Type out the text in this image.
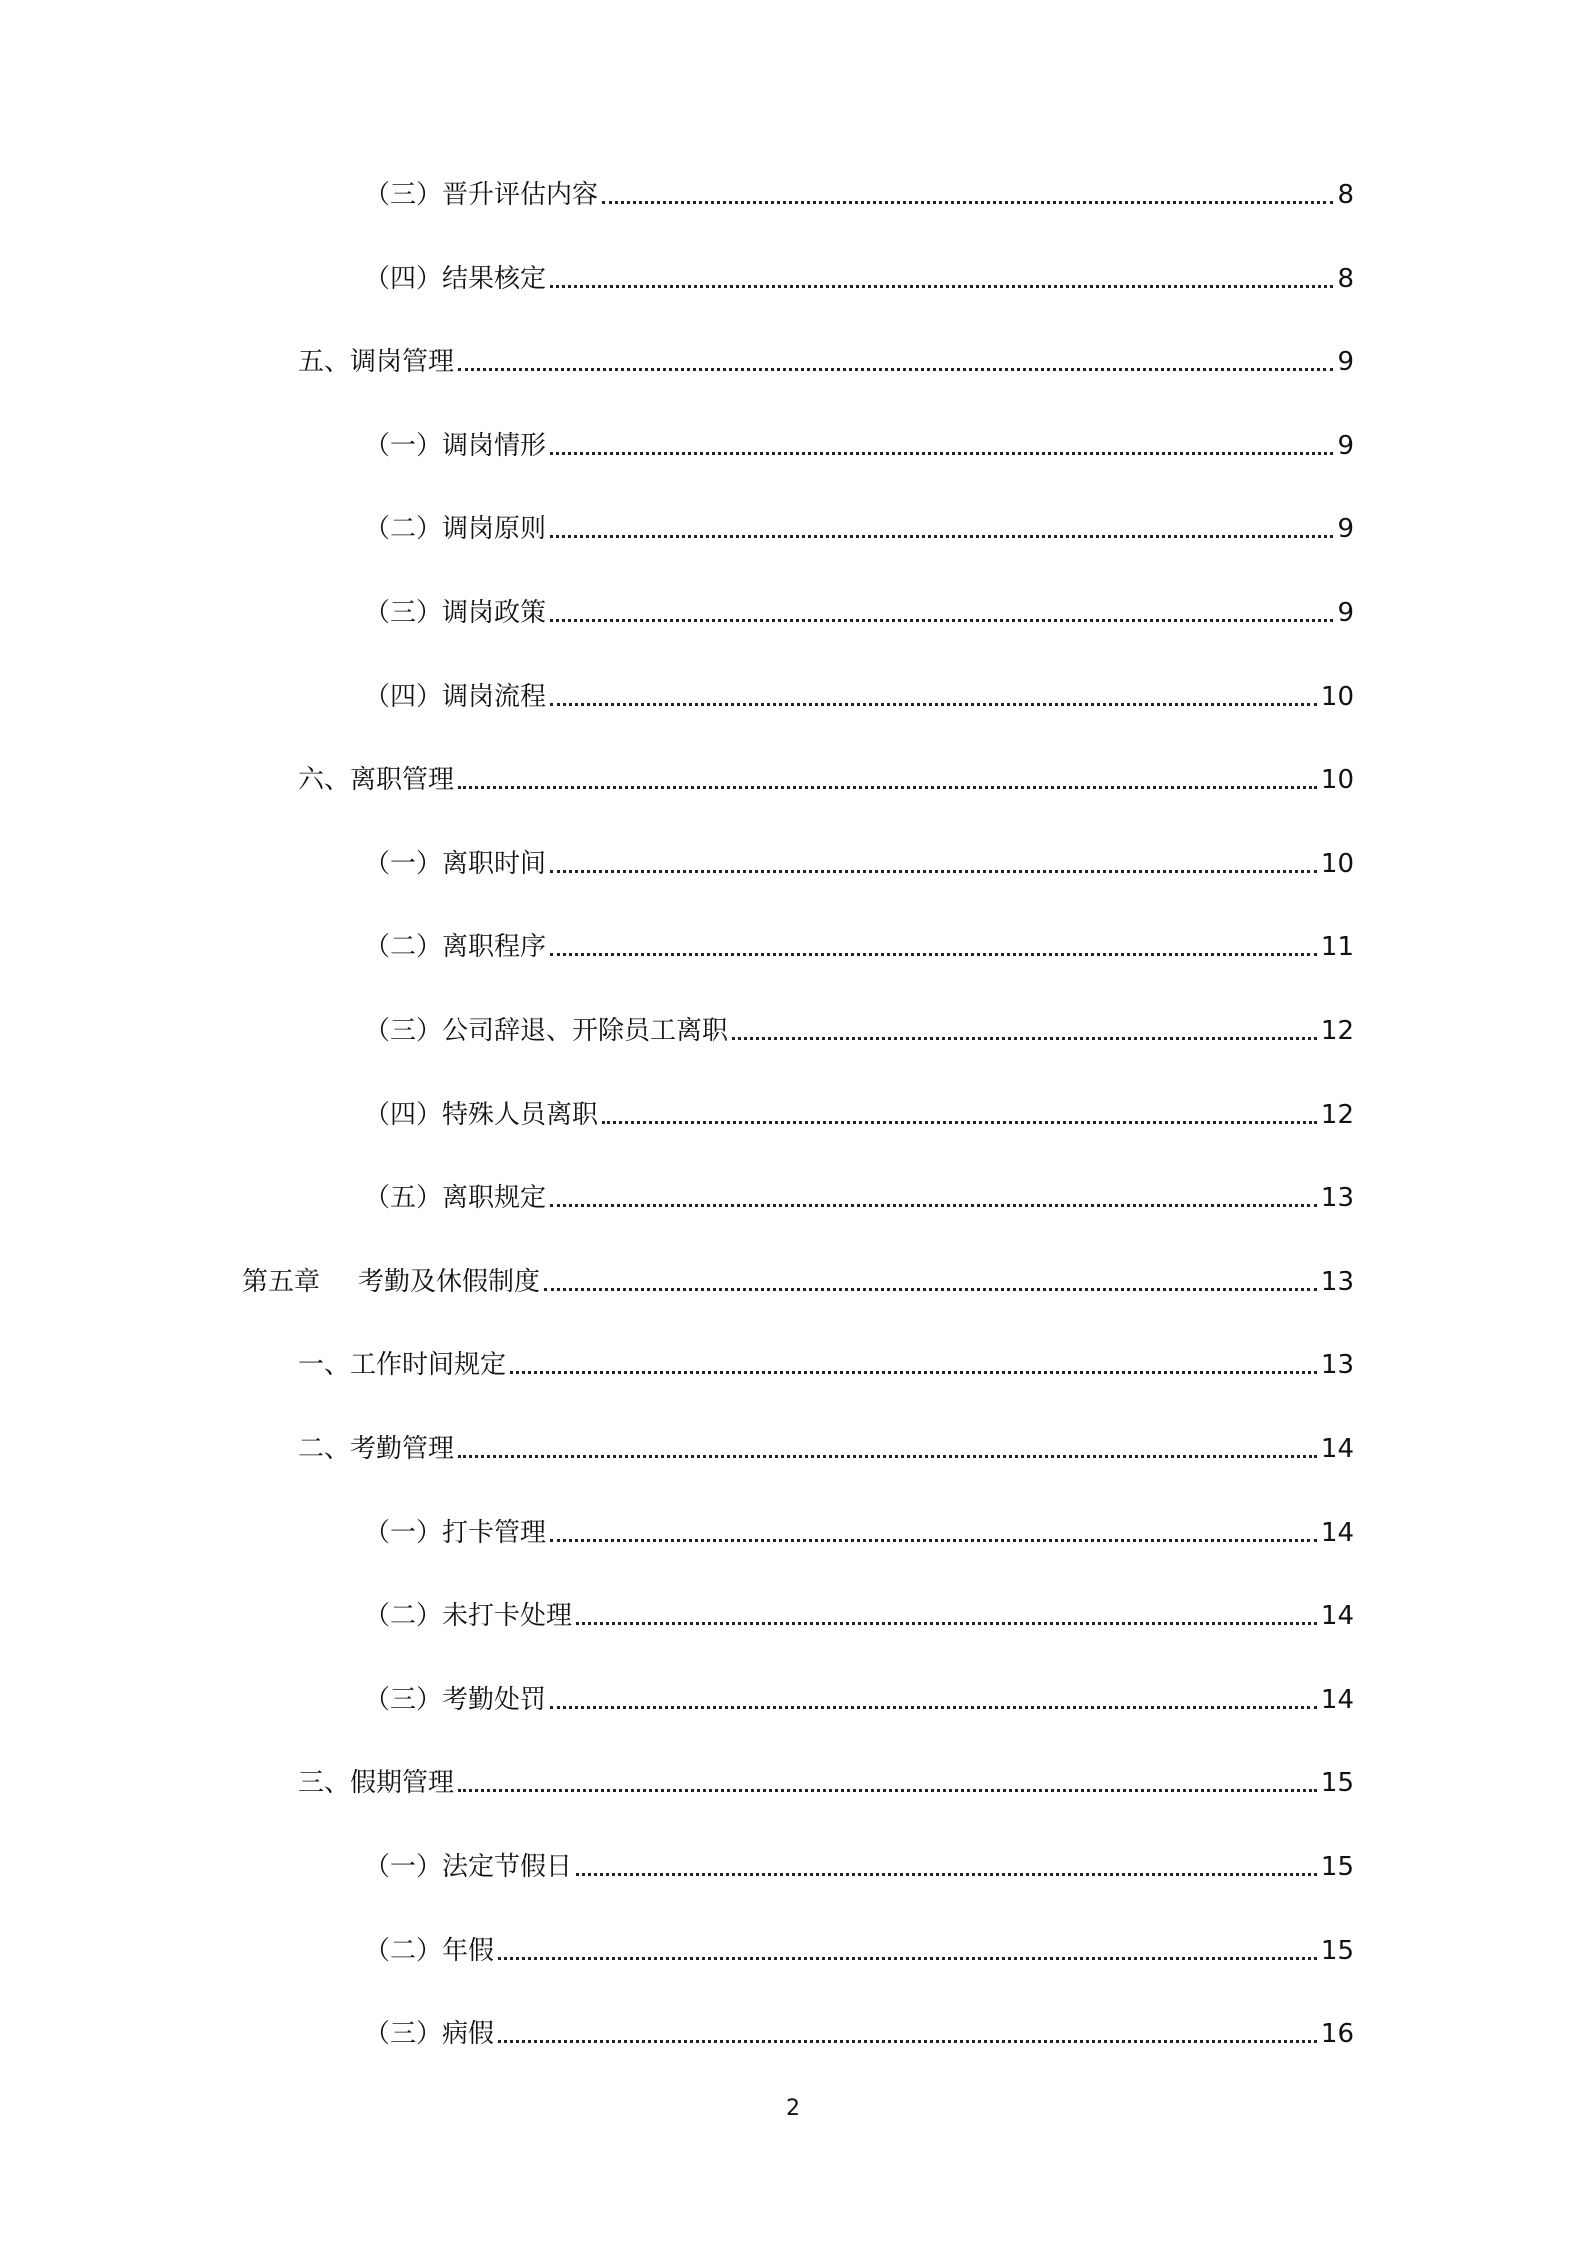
（三）晋升评估内容	8
（四）结果核定	8
五、调岗管理	9
（一）调岗情形	9
（二）调岗原则	9
（三）调岗政策	9
（四）调岗流程	10
六、离职管理	10
（一）离职时间	10
（二）离职程序	11
（三）公司辞退、开除员工离职	12
（四）特殊人员离职	12
（五）离职规定	13
第五章 考勤及休假制度	13
一、工作时间规定	13
二、考勤管理	14
（一）打卡管理	14
（二）未打卡处理	14
（三）考勤处罚	14
三、假期管理	15
（一）法定节假日	15
（二）年假	15
（三）病假	16
2
